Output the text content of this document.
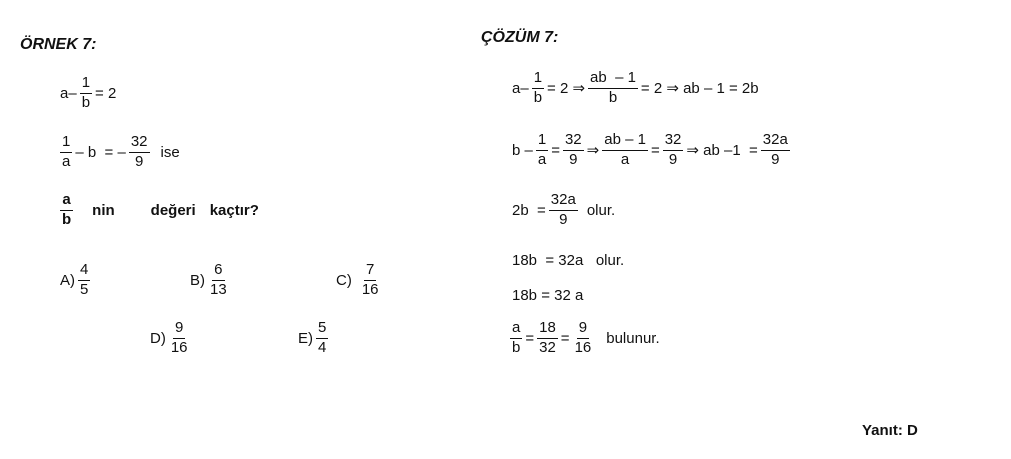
ÖRNEK 7:
$a - \frac{1}{b} = 2$
$\frac{1}{a}$ – b  = – $\frac{32}{9}$ ise
$\frac{a}{b}$ nin değeri kaçtır?
$A) \frac{4}{5}$	$B) \frac{6}{13}$	$C) \frac{7}{16}$
$D) \frac{9}{16}$	$E) \frac{5}{4}$
ÇÖZÜM 7:
$a- \frac{1}{b} = 2$ ⇒ $\frac{ab - 1}{b} = 2$ ⇒ ab – 1 = 2b
$b - \frac{1}{a} = \frac{32}{9}$ ⇒ $\frac{ab - 1}{a} = \frac{32}{9}$ ⇒ ab $-1 = \frac{32a}{9}$
$2b = \frac{32a}{9}$ olur.
18b  = 32a   olur.
18b = 32 a
$\frac{a}{b} = \frac{18}{32} = \frac{9}{16}$ bulunur.
Yanıt: D
